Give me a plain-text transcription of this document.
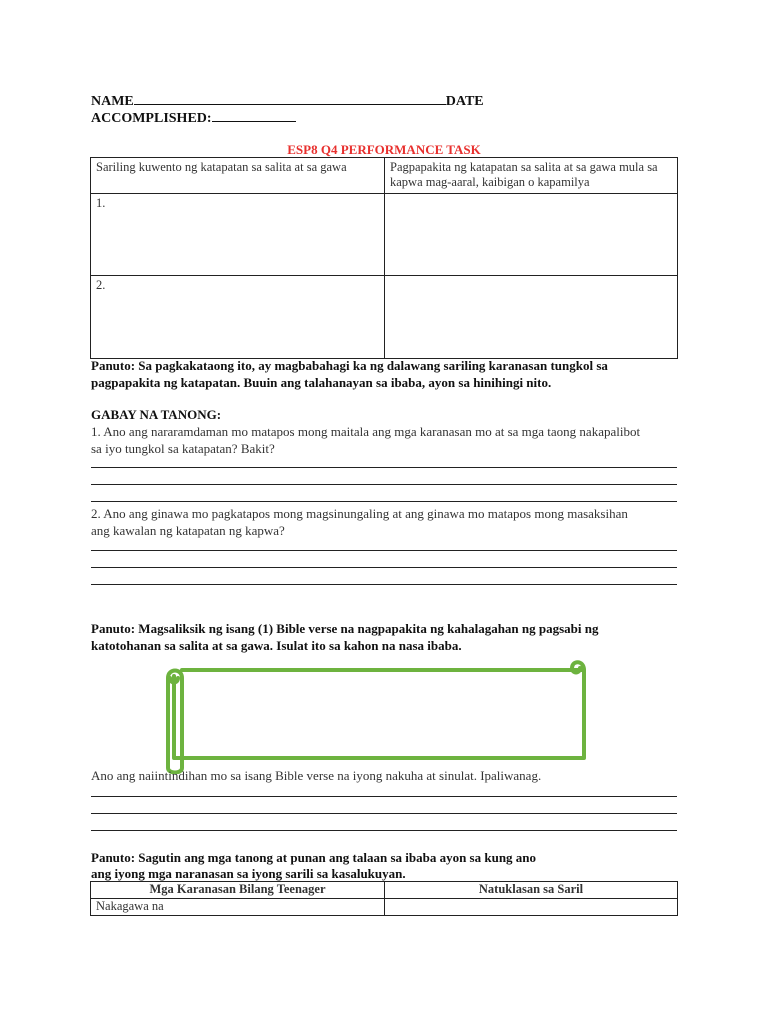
NAME	DATE
ACCOMPLISHED:
ESP8 Q4 PERFORMANCE TASK
Sariling kuwento ng katapatan sa salita at sa gawa	Pagpapakita ng katapatan sa salita at sa gawa mula sa kapwa mag-aaral, kaibigan o kapamilya
1.	
2.	
Panuto: Sa pagkakataong ito, ay magbabahagi ka ng dalawang sariling karanasan tungkol sa
pagpapakita ng katapatan. Buuin ang talahanayan sa ibaba, ayon sa hinihingi nito.
GABAY NA TANONG:
1. Ano ang nararamdaman mo matapos mong maitala ang mga karanasan mo at sa mga taong nakapalibot
sa iyo tungkol sa katapatan? Bakit?
2. Ano ang ginawa mo pagkatapos mong magsinungaling at ang ginawa mo matapos mong masaksihan
ang kawalan ng katapatan ng kapwa?
Panuto: Magsaliksik ng isang (1) Bible verse na nagpapakita ng kahalagahan ng pagsabi ng
katotohanan sa salita at sa gawa. Isulat ito sa kahon na nasa ibaba.
Ano ang naiintindihan mo sa isang Bible verse na iyong nakuha at sinulat. Ipaliwanag.
Panuto: Sagutin ang mga tanong at punan ang talaan sa ibaba ayon sa kung ano
ang iyong mga naranasan sa iyong sarili sa kasalukuyan.
Mga Karanasan Bilang Teenager	Natuklasan sa Saril
Nakagawa na	
